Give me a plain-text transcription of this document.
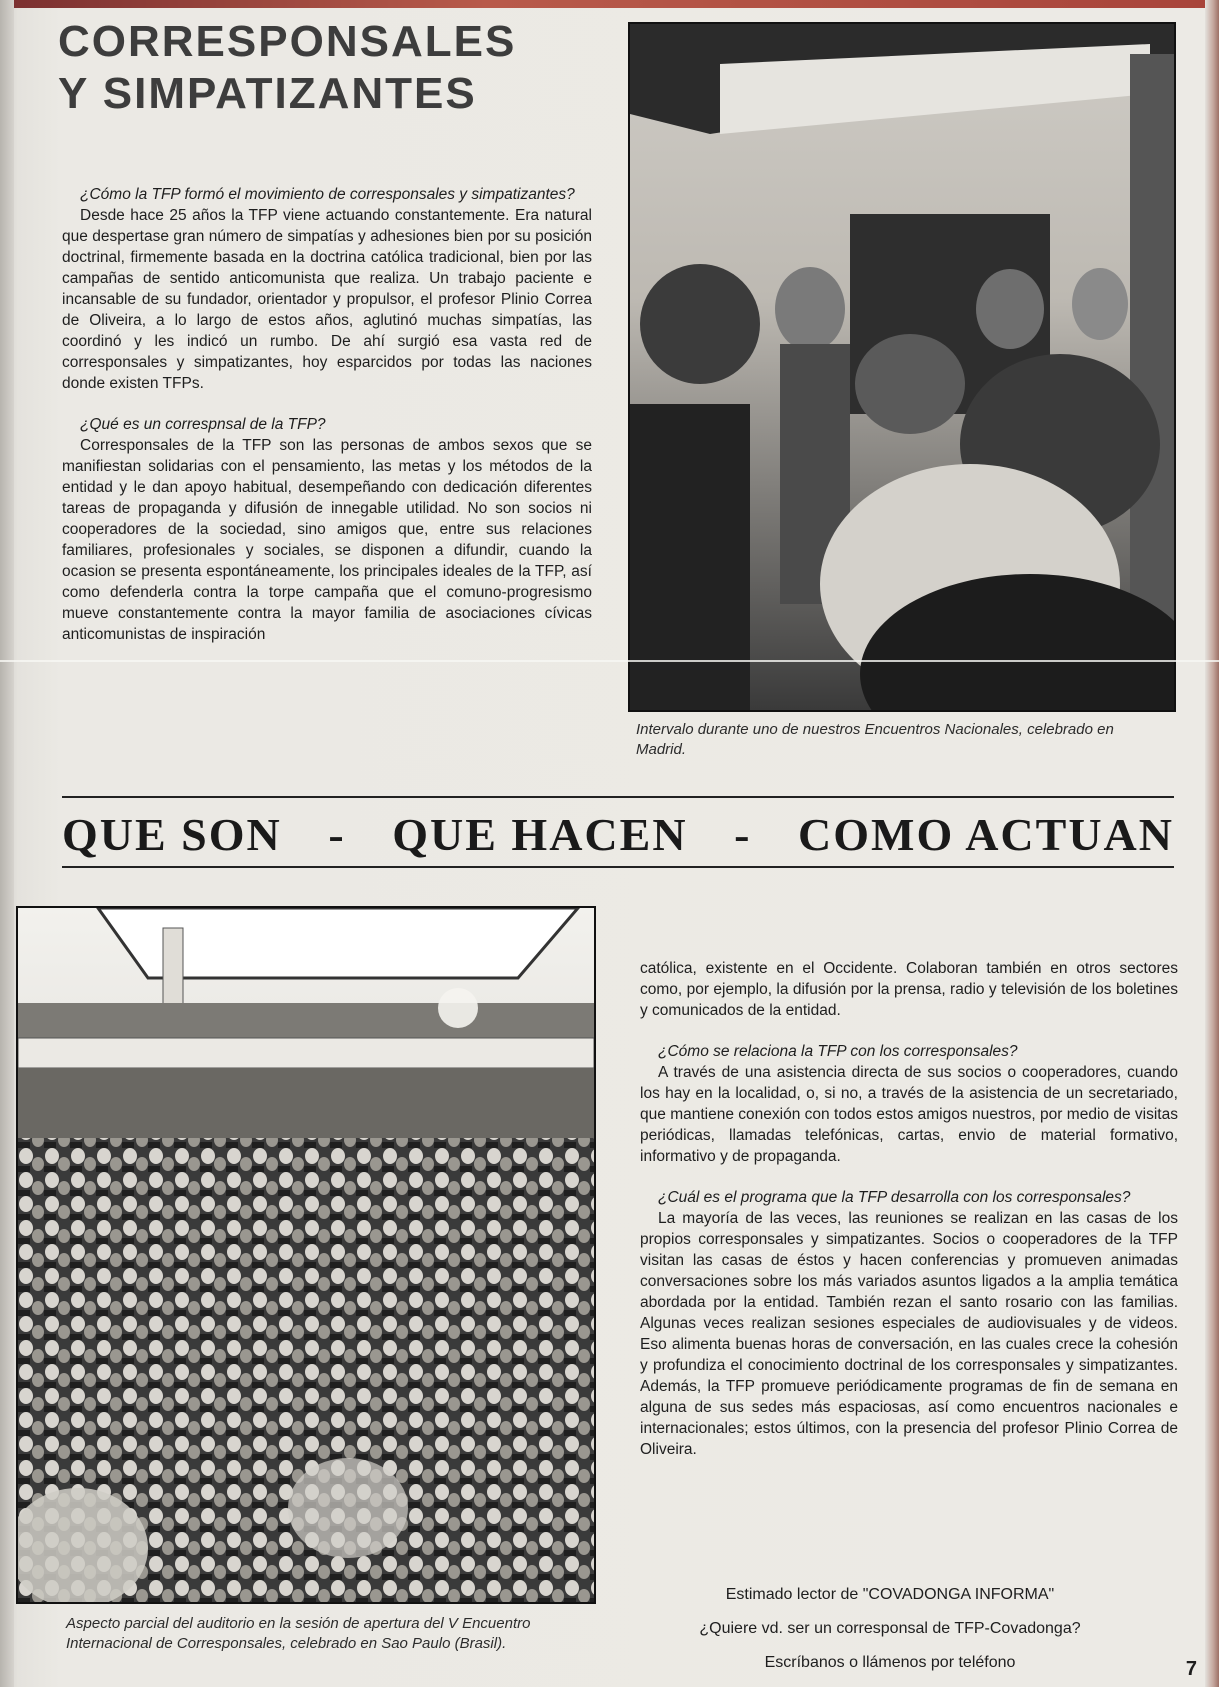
CORRESPONSALES
Y SIMPATIZANTES

¿Cómo la TFP formó el movimiento de corresponsales y simpatizantes?

Desde hace 25 años la TFP viene actuando constantemente. Era natural que despertase gran número de simpatías y adhesiones bien por su posición doctrinal, firmemente basada en la doctrina católica tradicional, bien por las campañas de sentido anticomunista que realiza. Un trabajo paciente e incansable de su fundador, orientador y propulsor, el profesor Plinio Correa de Oliveira, a lo largo de estos años, aglutinó muchas simpatías, las coordinó y les indicó un rumbo. De ahí surgió esa vasta red de corresponsales y simpatizantes, hoy esparcidos por todas las naciones donde existen TFPs.

¿Qué es un correspnsal de la TFP?

Corresponsales de la TFP son las personas de ambos sexos que se manifiestan solidarias con el pensamiento, las metas y los métodos de la entidad y le dan apoyo habitual, desempeñando con dedicación diferentes tareas de propaganda y difusión de innegable utilidad. No son socios ni cooperadores de la sociedad, sino amigos que, entre sus relaciones familiares, profesionales y sociales, se disponen a difundir, cuando la ocasion se presenta espontáneamente, los principales ideales de la TFP, así como defenderla contra la torpe campaña que el comuno-progresismo mueve constantemente contra la mayor familia de asociaciones cívicas anticomunistas de inspiración

Intervalo durante uno de nuestros Encuentros Nacionales, celebrado en Madrid.
QUE SON - QUE HACEN - COMO ACTUAN
Aspecto parcial del auditorio en la sesión de apertura del V Encuentro Internacional de Corresponsales, celebrado en Sao Paulo (Brasil).

católica, existente en el Occidente. Colaboran también en otros sectores como, por ejemplo, la difusión por la prensa, radio y televisión de los boletines y comunicados de la entidad.

¿Cómo se relaciona la TFP con los corresponsales?

A través de una asistencia directa de sus socios o cooperadores, cuando los hay en la localidad, o, si no, a través de la asistencia de un secretariado, que mantiene conexión con todos estos amigos nuestros, por medio de visitas periódicas, llamadas telefónicas, cartas, envio de material formativo, informativo y de propaganda.

¿Cuál es el programa que la TFP desarrolla con los corresponsales?

La mayoría de las veces, las reuniones se realizan en las casas de los propios corresponsales y simpatizantes. Socios o cooperadores de la TFP visitan las casas de éstos y hacen conferencias y promueven animadas conversaciones sobre los más variados asuntos ligados a la amplia temática abordada por la entidad. También rezan el santo rosario con las familias. Algunas veces realizan sesiones especiales de audiovisuales y de videos. Eso alimenta buenas horas de conversación, en las cuales crece la cohesión y profundiza el conocimiento doctrinal de los corresponsales y simpatizantes. Además, la TFP promueve periódicamente programas de fin de semana en alguna de sus sedes más espaciosas, así como encuentros nacionales e internacionales; estos últimos, con la presencia del profesor Plinio Correa de Oliveira.

Estimado lector de "COVADONGA INFORMA"
¿Quiere vd. ser un corresponsal de TFP-Covadonga?
Escríbanos o llámenos por teléfono	7
